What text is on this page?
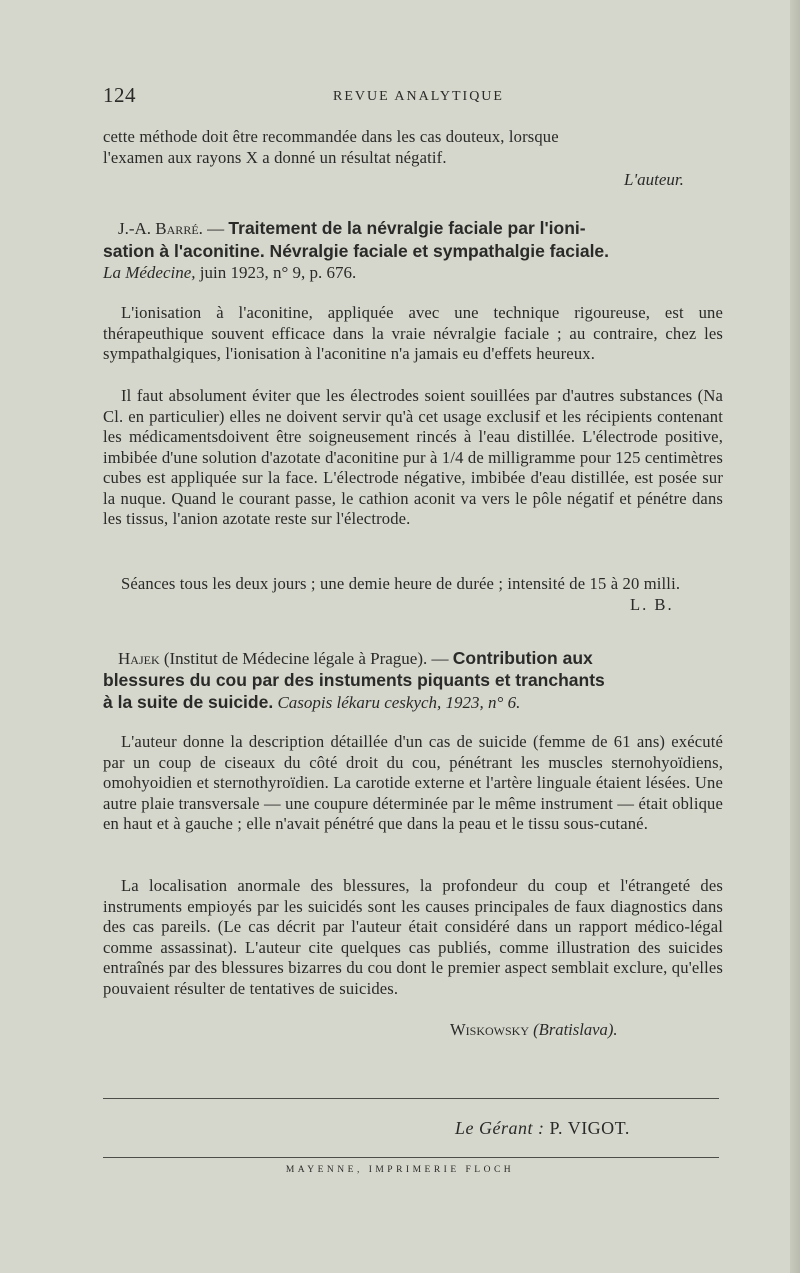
124	REVUE ANALYTIQUE
cette méthode doit être recommandée dans les cas douteux, lorsque
l'examen aux rayons X a donné un résultat négatif.
L'auteur.
J.-A. Barré. — Traitement de la névralgie faciale par l'ioni-
sation à l'aconitine. Névralgie faciale et sympathalgie faciale.
La Médecine, juin 1923, n° 9, p. 676.
L'ionisation à l'aconitine, appliquée avec une technique rigoureuse, est une thérapeuthique souvent efficace dans la vraie névralgie faciale ; au contraire, chez les sympathalgiques, l'ionisation à l'aconitine n'a jamais eu d'effets heureux.
Il faut absolument éviter que les électrodes soient souillées par d'autres substances (Na Cl. en particulier) elles ne doivent servir qu'à cet usage exclusif et les récipients contenant les médicamentsdoivent être soigneusement rincés à l'eau distillée. L'électrode positive, imbibée d'une solution d'azotate d'aconitine pur à 1/4 de milligramme pour 125 centimètres cubes est appliquée sur la face. L'électrode négative, imbibée d'eau distillée, est posée sur la nuque. Quand le courant passe, le cathion aconit va vers le pôle négatif et pénétre dans les tissus, l'anion azotate reste sur l'électrode.
Séances tous les deux jours ; une demie heure de durée ; intensité de 15 à 20 milli.
L. B.
Hajek (Institut de Médecine légale à Prague). — Contribution aux
blessures du cou par des instuments piquants et tranchants
à la suite de suicide. Casopis lékaru ceskych, 1923, n° 6.
L'auteur donne la description détaillée d'un cas de suicide (femme de 61 ans) exécuté par un coup de ciseaux du côté droit du cou, pénétrant les muscles sternohyoïdiens, omohyoidien et sternothyroïdien. La carotide externe et l'artère linguale étaient lésées. Une autre plaie transversale — une coupure déterminée par le même instrument — était oblique en haut et à gauche ; elle n'avait pénétré que dans la peau et le tissu sous-cutané.
La localisation anormale des blessures, la profondeur du coup et l'étrangeté des instruments empioyés par les suicidés sont les causes principales de faux diagnostics dans des cas pareils. (Le cas décrit par l'auteur était considéré dans un rapport médico-légal comme assassinat). L'auteur cite quelques cas publiés, comme illustration des suicides entraînés par des blessures bizarres du cou dont le premier aspect semblait exclure, qu'elles pouvaient résulter de tentatives de suicides.
Wiskowsky (Bratislava).
Le Gérant : P. VIGOT.
MAYENNE, IMPRIMERIE FLOCH
